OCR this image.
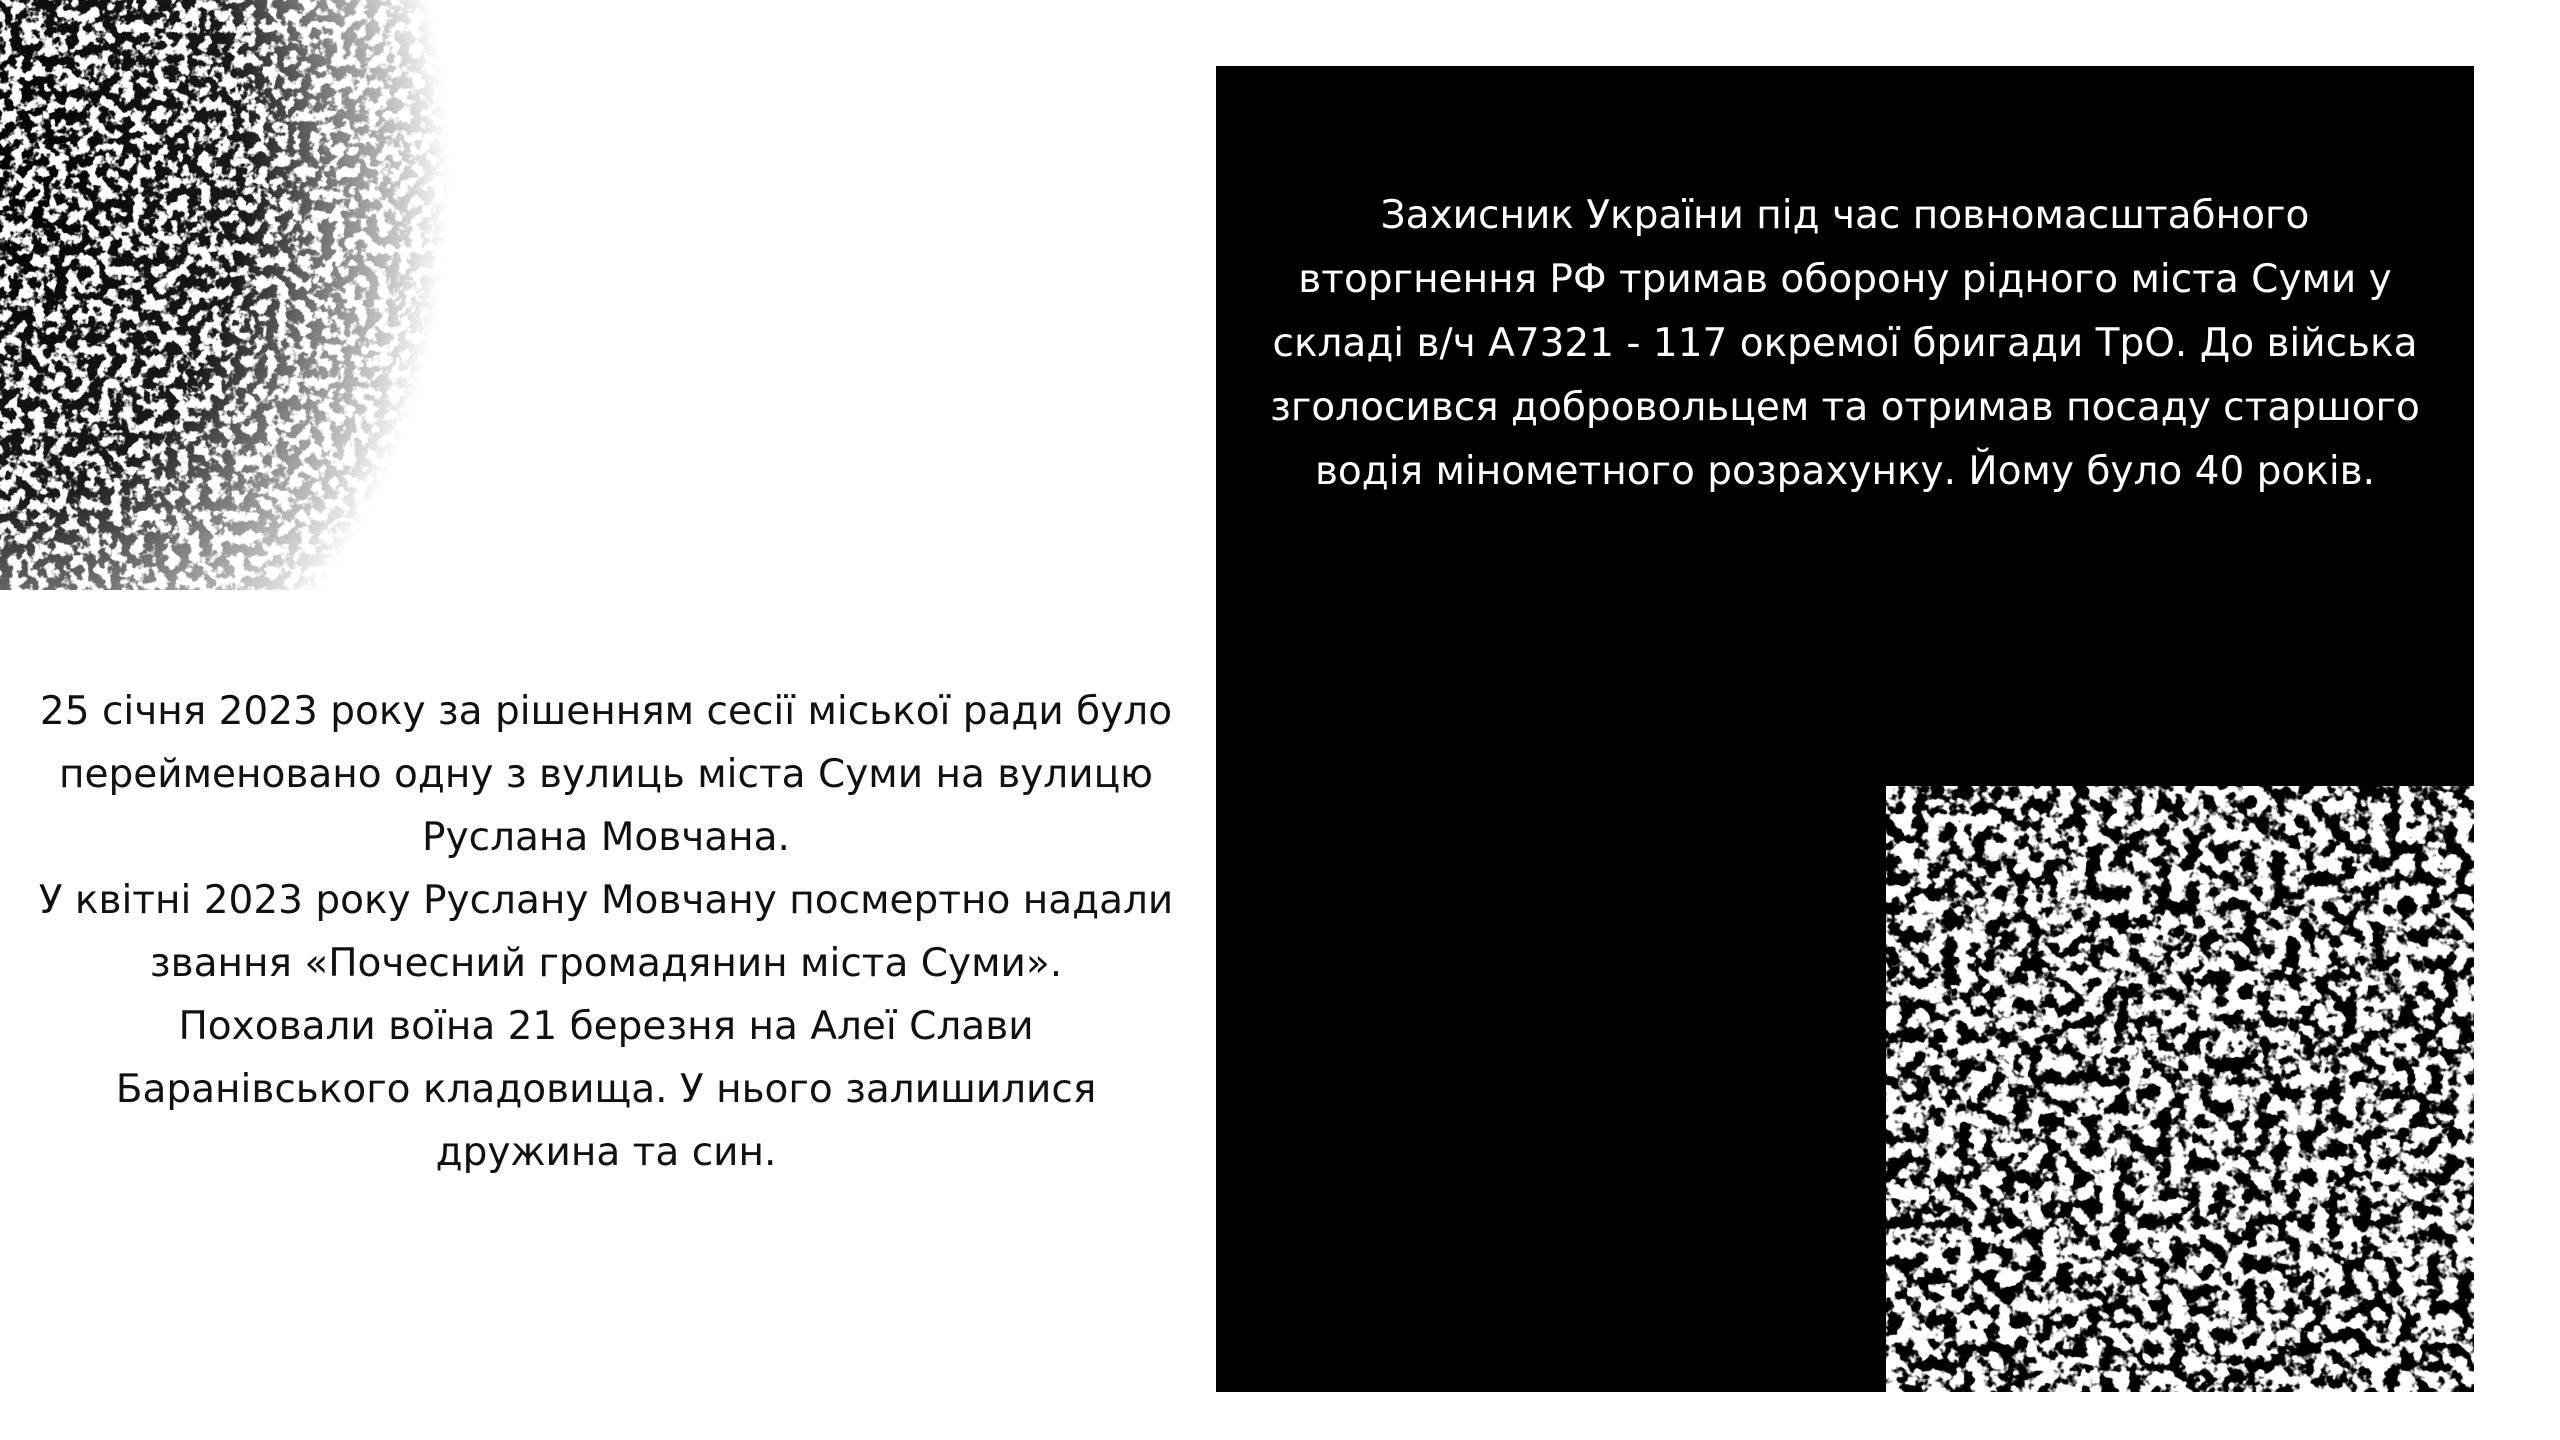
Захисник України під час повномасштабного вторгнення РФ тримав оборону рідного міста Суми у складі в/ч А7321 - 117 окремої бригади ТрО. До війська зголосився добровольцем та отримав посаду старшого водія мінометного розрахунку. Йому було 40 років.

25 січня 2023 року за рішенням сесії міської ради було перейменовано одну з вулиць міста Суми на вулицю Руслана Мовчана.
У квітні 2023 року Руслану Мовчану посмертно надали звання «Почесний громадянин міста Суми».
Поховали воїна 21 березня на Алеї Слави Баранівського кладовища. У нього залишилися дружина та син.
